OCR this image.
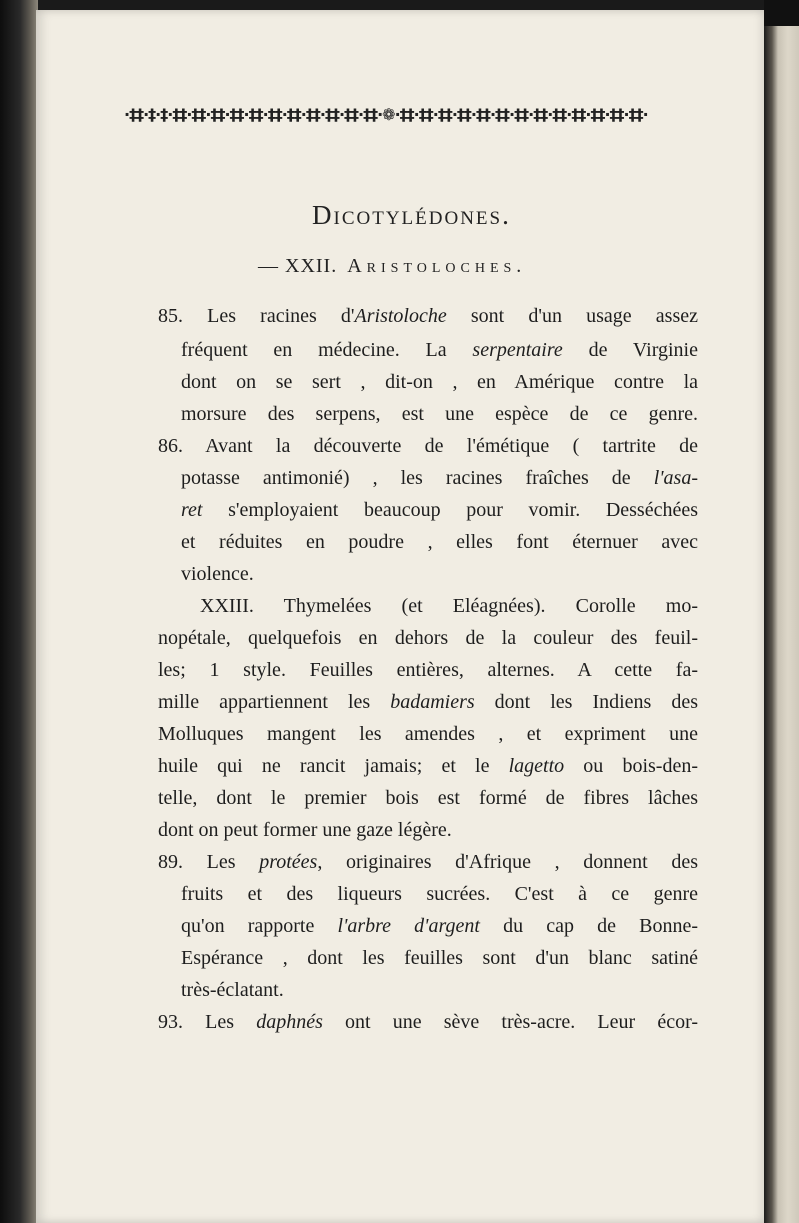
·‡‡·‡·‡·‡‡·‡‡·‡‡·‡‡·‡‡·‡‡·‡‡·‡‡·‡‡·‡‡·‡‡·❁·‡‡·‡‡·‡‡·‡‡·‡‡·‡‡·‡‡·‡‡·‡‡·‡‡·‡‡·‡‡·‡‡·
Dicotylédones.
— XXII. Aristoloches.
85. Les racines d'Aristoloche sont d'un usage assez
fréquent en médecine. La serpentaire de Virginie
dont on se sert , dit-on , en Amérique contre la
morsure des serpens, est une espèce de ce genre.
86. Avant la découverte de l'émétique ( tartrite de
potasse antimonié) , les racines fraîches de l'asa-
ret s'employaient beaucoup pour vomir. Desséchées
et réduites en poudre , elles font éternuer avec
violence.
XXIII. Thymelées (et Eléagnées). Corolle mo-
nopétale, quelquefois en dehors de la couleur des feuil-
les; 1 style. Feuilles entières, alternes. A cette fa-
mille appartiennent les badamiers dont les Indiens des
Molluques mangent les amendes , et expriment une
huile qui ne rancit jamais; et le lagetto ou bois-den-
telle, dont le premier bois est formé de fibres lâches
dont on peut former une gaze légère.
89. Les protées, originaires d'Afrique , donnent des
fruits et des liqueurs sucrées. C'est à ce genre
qu'on rapporte l'arbre d'argent du cap de Bonne-
Espérance , dont les feuilles sont d'un blanc satiné
très-éclatant.
93. Les daphnés ont une sève très-acre. Leur écor-
